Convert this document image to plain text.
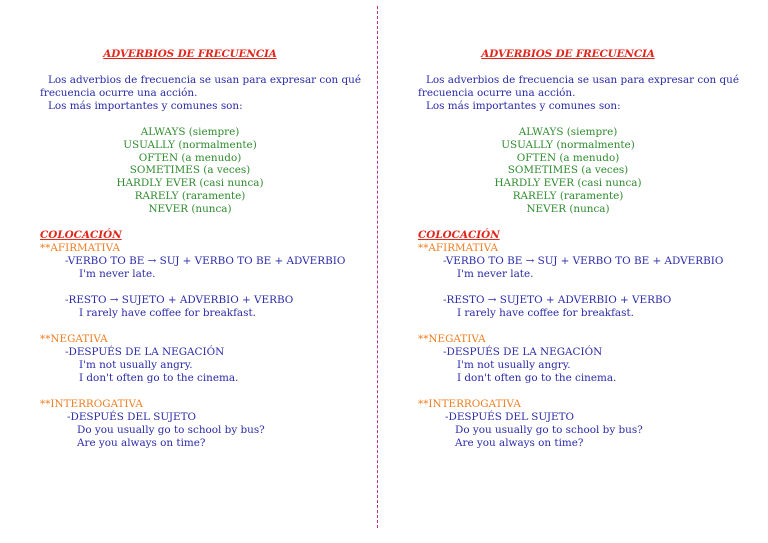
ADVERBIOS DE FRECUENCIA
Los adverbios de frecuencia se usan para expresar con qué
frecuencia ocurre una acción.
Los más importantes y comunes son:
ALWAYS (siempre)
USUALLY (normalmente)
OFTEN (a menudo)
SOMETIMES (a veces)
HARDLY EVER (casi nunca)
RARELY (raramente)
NEVER (nunca)
COLOCACIÓN
**AFIRMATIVA
-VERBO TO BE → SUJ + VERBO TO BE + ADVERBIO
I'm never late.
-RESTO → SUJETO + ADVERBIO + VERBO
I rarely have coffee for breakfast.
**NEGATIVA
-DESPUÉS DE LA NEGACIÓN
I'm not usually angry.
I don't often go to the cinema.
**INTERROGATIVA
-DESPUÉS DEL SUJETO
Do you usually go to school by bus?
Are you always on time?
ADVERBIOS DE FRECUENCIA
Los adverbios de frecuencia se usan para expresar con qué
frecuencia ocurre una acción.
Los más importantes y comunes son:
ALWAYS (siempre)
USUALLY (normalmente)
OFTEN (a menudo)
SOMETIMES (a veces)
HARDLY EVER (casi nunca)
RARELY (raramente)
NEVER (nunca)
COLOCACIÓN
**AFIRMATIVA
-VERBO TO BE → SUJ + VERBO TO BE + ADVERBIO
I'm never late.
-RESTO → SUJETO + ADVERBIO + VERBO
I rarely have coffee for breakfast.
**NEGATIVA
-DESPUÉS DE LA NEGACIÓN
I'm not usually angry.
I don't often go to the cinema.
**INTERROGATIVA
-DESPUÉS DEL SUJETO
Do you usually go to school by bus?
Are you always on time?
